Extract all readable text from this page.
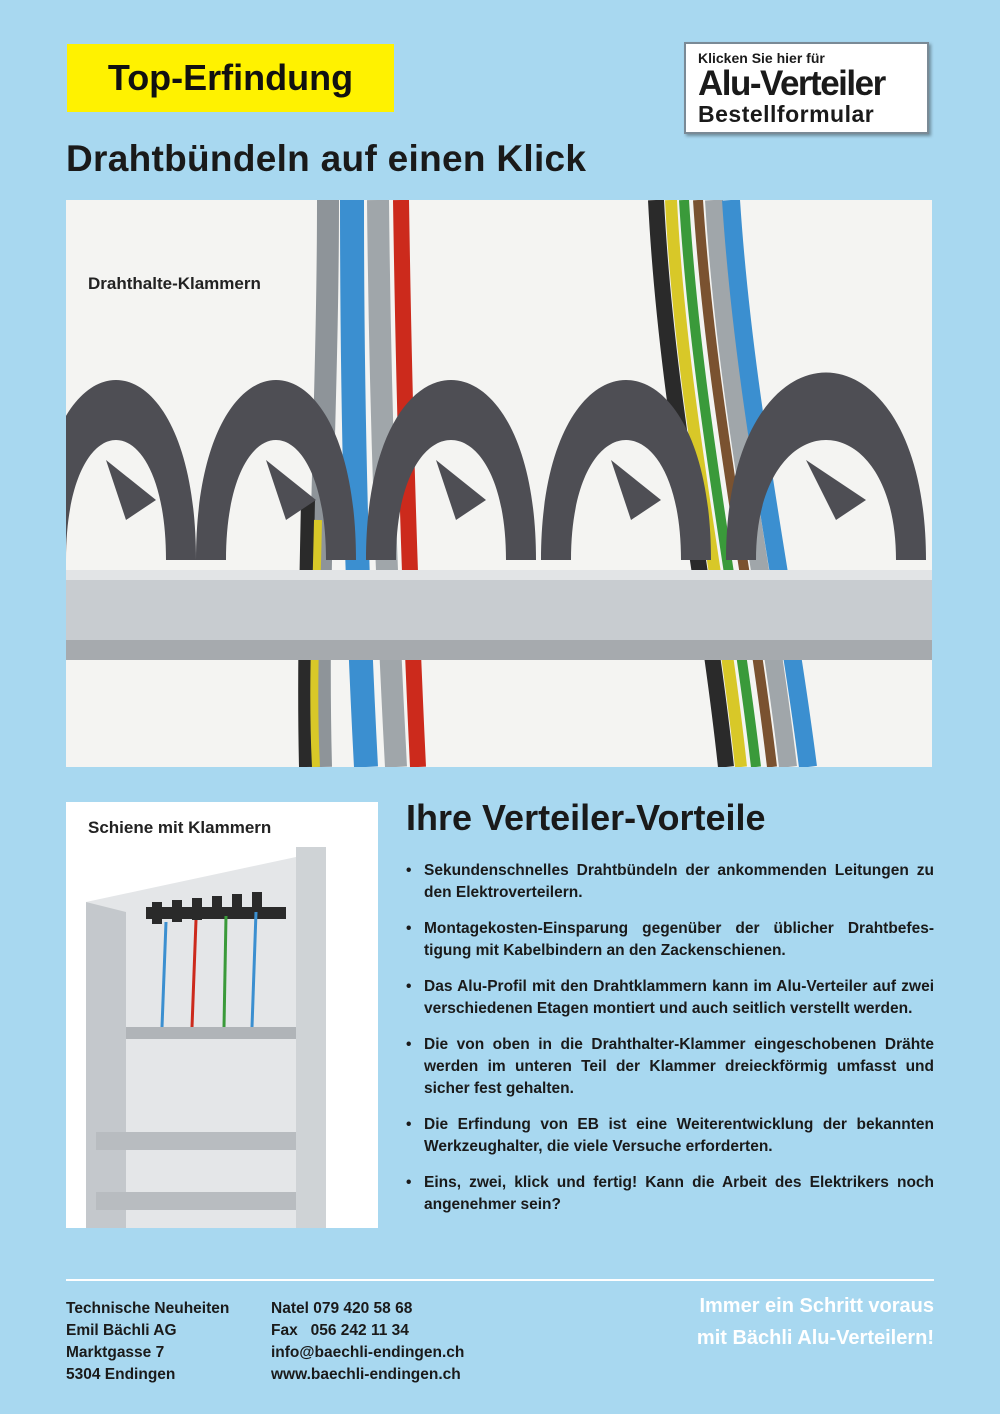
Top-Erfindung	Klicken Sie hier für
Alu-Verteiler
Bestellformular
Drahtbündeln auf einen Klick
Drahthalte-Klammern
Schiene mit Klammern	Ihre Verteiler-Vorteile
• Sekundenschnelles Drahtbündeln der ankommenden Leitungen zu den Elektroverteilern.
• Montagekosten-Einsparung gegenüber der üblicher Drahtbefestigung mit Kabelbindern an den Zackenschienen.
• Das Alu-Profil mit den Drahtklammern kann im Alu-Verteiler auf zwei verschiedenen Etagen montiert und auch seitlich verstellt werden.
• Die von oben in die Drahthalter-Klammer eingeschobenen Drähte werden im unteren Teil der Klammer dreieckförmig umfasst und sicher fest gehalten.
• Die Erfindung von EB ist eine Weiterentwicklung der bekannten Werkzeughalter, die viele Versuche erforderten.
• Eins, zwei, klick und fertig! Kann die Arbeit des Elektrikers noch angenehmer sein?
Technische Neuheiten
Emil Bächli AG
Marktgasse 7
5304 Endingen
Natel 079 420 58 68
Fax   056 242 11 34
info@baechli-endingen.ch
www.baechli-endingen.ch
Immer ein Schritt voraus
mit Bächli Alu-Verteilern!
